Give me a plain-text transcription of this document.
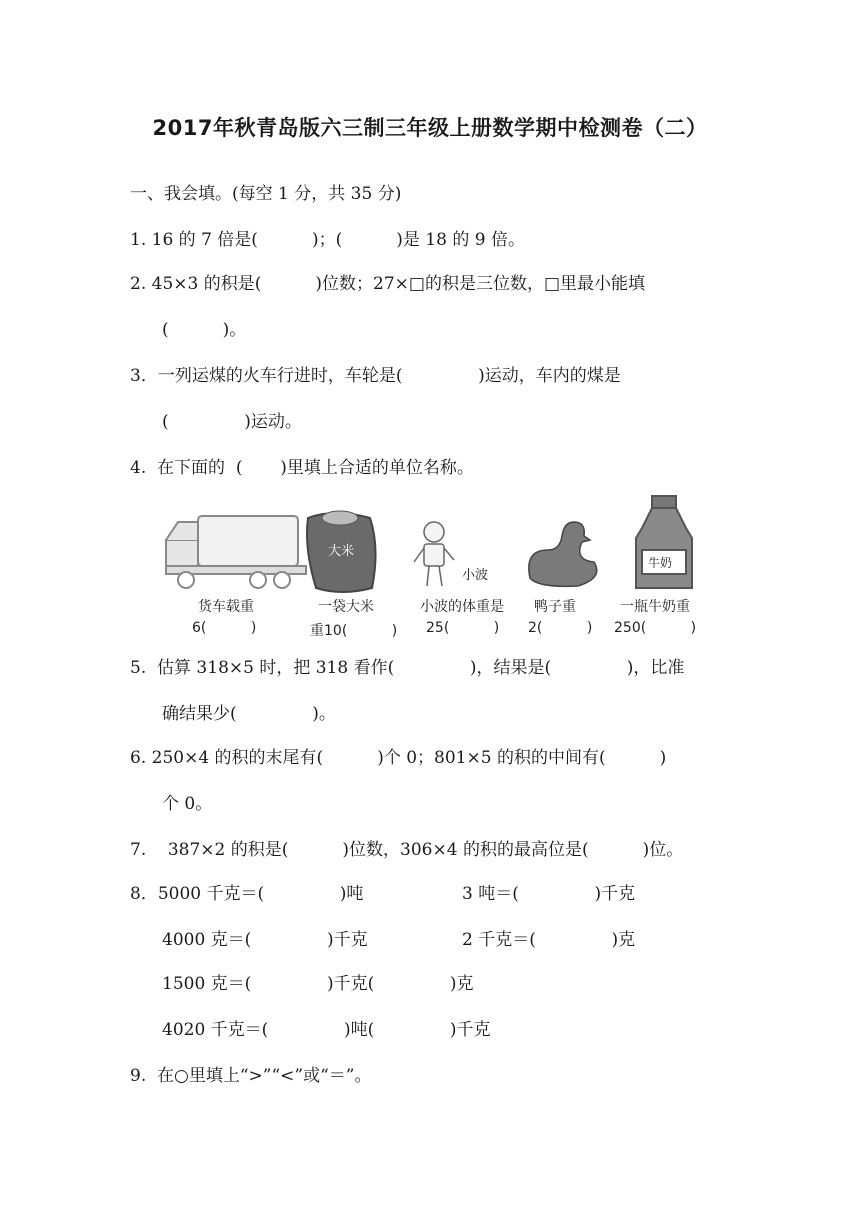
2017年秋青岛版六三制三年级上册数学期中检测卷（二）
一、我会填。(每空 1 分，共 35 分)
1. 16 的 7 倍是(          )；(          )是 18 的 9 倍。
2. 45×3 的积是(          )位数；27×□的积是三位数，□里最小能填
(          )。
3．一列运煤的火车行进时，车轮是(              )运动，车内的煤是
(              )运动。
4.  在下面的  (       )里填上合适的单位名称。
大米
小波
牛奶
货车载重
6(          )
一袋大米
重10(          )
小波的体重是
25(          )
鸭子重
2(          )
一瓶牛奶重
250(          )
5.  估算 318×5 时，把 318 看作(              )，结果是(              )，比准
确结果少(              )。
6. 250×4 的积的末尾有(          )个 0；801×5 的积的中间有(          )
个 0。
7.    387×2 的积是(          )位数，306×4 的积的最高位是(          )位。
8．5000 千克＝(              )吨	3 吨＝(              )千克
4000 克＝(              )千克	2 千克＝(              )克
1500 克＝(              )千克(              )克
4020 千克＝(              )吨(              )千克
9.  在○里填上“>”“<”或“＝”。
